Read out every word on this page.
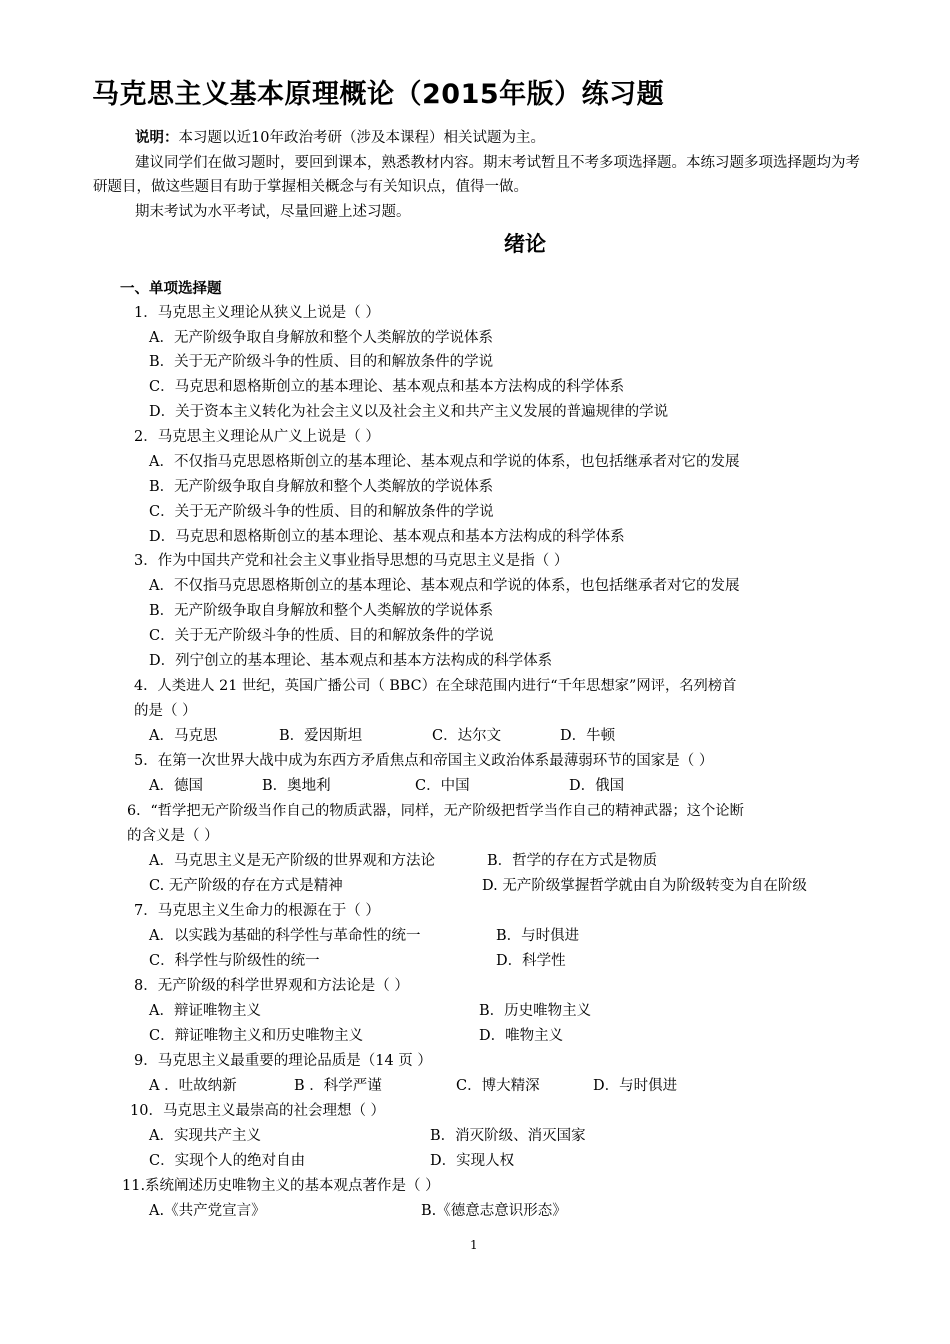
马克思主义基本原理概论（2015年版）练习题

说明：本习题以近10年政治考研（涉及本课程）相关试题为主。

建议同学们在做习题时，要回到课本，熟悉教材内容。期末考试暂且不考多项选择题。本练习题多项选择题均为考研题目，做这些题目有助于掌握相关概念与有关知识点，值得一做。

期末考试为水平考试，尽量回避上述习题。

绪论
一、单项选择题
1．马克思主义理论从狭义上说是（ ）
A．无产阶级争取自身解放和整个人类解放的学说体系
B．关于无产阶级斗争的性质、目的和解放条件的学说
C．马克思和恩格斯创立的基本理论、基本观点和基本方法构成的科学体系
D．关于资本主义转化为社会主义以及社会主义和共产主义发展的普遍规律的学说
2．马克思主义理论从广义上说是（ ）
A．不仅指马克思恩格斯创立的基本理论、基本观点和学说的体系，也包括继承者对它的发展
B．无产阶级争取自身解放和整个人类解放的学说体系
C．关于无产阶级斗争的性质、目的和解放条件的学说
D．马克思和恩格斯创立的基本理论、基本观点和基本方法构成的科学体系
3．作为中国共产党和社会主义事业指导思想的马克思主义是指（ ）
A．不仅指马克思恩格斯创立的基本理论、基本观点和学说的体系，也包括继承者对它的发展
B．无产阶级争取自身解放和整个人类解放的学说体系
C．关于无产阶级斗争的性质、目的和解放条件的学说
D．列宁创立的基本理论、基本观点和基本方法构成的科学体系
4．人类进人 21 世纪，英国广播公司（ BBC）在全球范围内进行“千年思想家”网评，名列榜首
的是（ ）
A．马克思	B．爱因斯坦	C．达尔文	D．牛顿
5．在第一次世界大战中成为东西方矛盾焦点和帝国主义政治体系最薄弱环节的国家是（ ）
A．德国	B．奥地利	C．中国	D．俄国
6．“哲学把无产阶级当作自己的物质武器，同样，无产阶级把哲学当作自己的精神武器；这个论断
的含义是（ ）
A．马克思主义是无产阶级的世界观和方法论	B．哲学的存在方式是物质
C. 无产阶级的存在方式是精神	D. 无产阶级掌握哲学就由自为阶级转变为自在阶级
7．马克思主义生命力的根源在于（ ）
A．以实践为基础的科学性与革命性的统一	B．与时俱进
C．科学性与阶级性的统一	D．科学性
8．无产阶级的科学世界观和方法论是（ ）
A．辩证唯物主义	B．历史唯物主义
C．辩证唯物主义和历史唯物主义	D．唯物主义
9．马克思主义最重要的理论品质是（14 页 ）
A ．吐故纳新	B ．科学严谨	C．博大精深	D．与时俱进
10．马克思主义最崇高的社会理想（ ）
A．实现共产主义	B．消灭阶级、消灭国家
C．实现个人的绝对自由	D．实现人权
11.系统阐述历史唯物主义的基本观点著作是（ ）
A.《共产党宣言》	B.《德意志意识形态》
1
